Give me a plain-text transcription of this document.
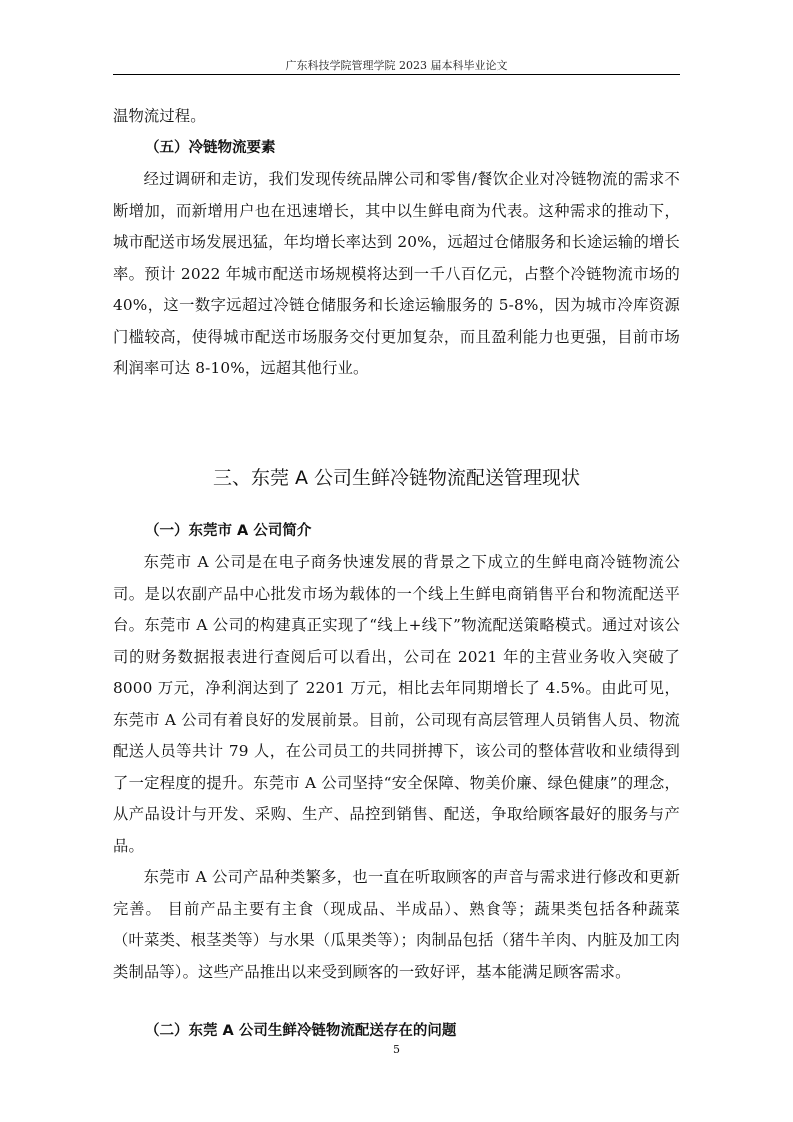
广东科技学院管理学院 2023 届本科毕业论文

温物流过程。

（五）冷链物流要素

经过调研和走访，我们发现传统品牌公司和零售/餐饮企业对冷链物流的需求不断增加，而新增用户也在迅速增长，其中以生鲜电商为代表。这种需求的推动下，城市配送市场发展迅猛，年均增长率达到 20%，远超过仓储服务和长途运输的增长率。预计 2022 年城市配送市场规模将达到一千八百亿元，占整个冷链物流市场的 40%，这一数字远超过冷链仓储服务和长途运输服务的 5-8%，因为城市冷库资源门槛较高，使得城市配送市场服务交付更加复杂，而且盈利能力也更强，目前市场利润率可达 8-10%，远超其他行业。

三、东莞 A 公司生鲜冷链物流配送管理现状
（一）东莞市 A 公司简介

东莞市 A 公司是在电子商务快速发展的背景之下成立的生鲜电商冷链物流公司。是以农副产品中心批发市场为载体的一个线上生鲜电商销售平台和物流配送平台。东莞市 A 公司的构建真正实现了“线上+线下”物流配送策略模式。通过对该公司的财务数据报表进行查阅后可以看出，公司在 2021 年的主营业务收入突破了 8000 万元，净利润达到了 2201 万元，相比去年同期增长了 4.5%。由此可见，东莞市 A 公司有着良好的发展前景。目前，公司现有高层管理人员销售人员、物流配送人员等共计 79 人，在公司员工的共同拼搏下，该公司的整体营收和业绩得到了一定程度的提升。东莞市 A 公司坚持“安全保障、物美价廉、绿色健康”的理念，从产品设计与开发、采购、生产、品控到销售、配送，争取给顾客最好的服务与产品。

东莞市 A 公司产品种类繁多，也一直在听取顾客的声音与需求进行修改和更新完善。 目前产品主要有主食（现成品、半成品）、熟食等；蔬果类包括各种蔬菜（叶菜类、根茎类等）与水果（瓜果类等）；肉制品包括（猪牛羊肉、内脏及加工肉类制品等）。这些产品推出以来受到顾客的一致好评，基本能满足顾客需求。

（二）东莞 A 公司生鲜冷链物流配送存在的问题
5
